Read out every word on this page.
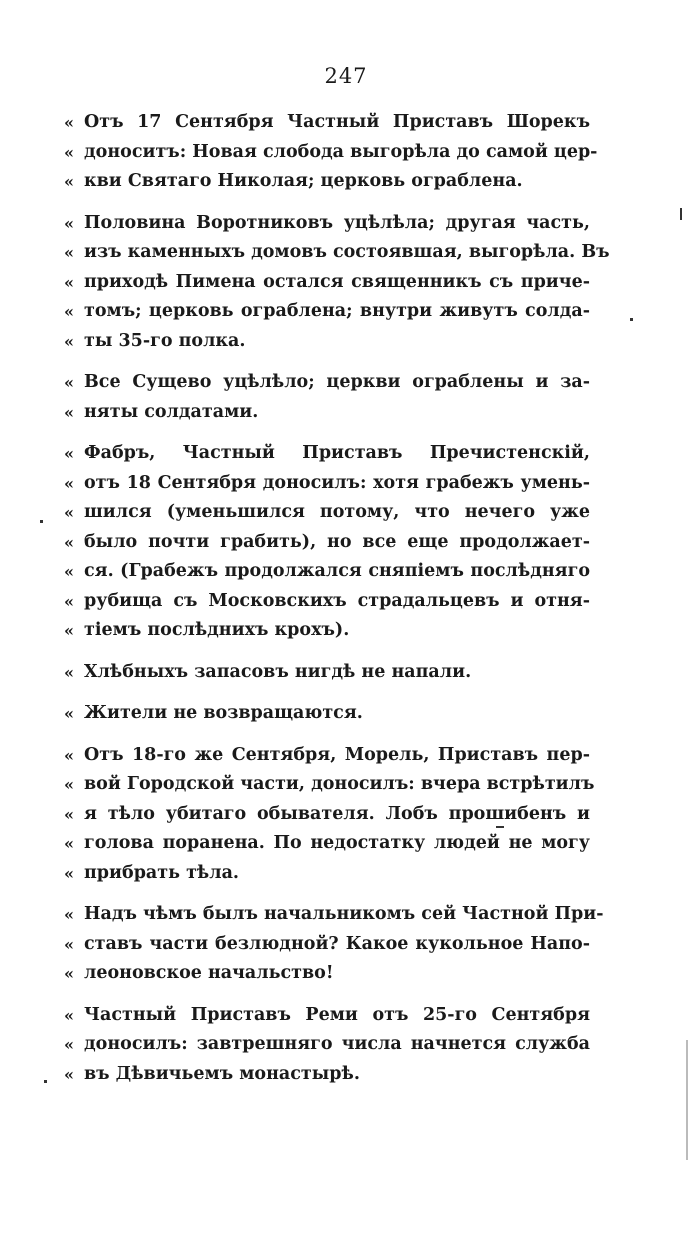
247
« Отъ 17 Сентября Частный Приставъ Шорекъ
« доноситъ: Новая слобода выгорѣла до самой цер-
« кви Святаго Николая; церковь ограблена.
« Половина Воротниковъ уцѣлѣла; другая часть,
« изъ каменныхъ домовъ состоявшая, выгорѣла. Въ
« приходѣ Пимена остался священникъ съ приче-
« томъ; церковь ограблена; внутри живутъ солда-
« ты 35-го полка.
« Все Сущево уцѣлѣло; церкви ограблены и за-
« няты солдатами.
« Фабръ, Частный Приставъ Пречистенскій,
« отъ 18 Сентября доносилъ: хотя грабежъ умень-
« шился (уменьшился потому, что нечего уже
« было почти грабить), но все еще продолжает-
« ся. (Грабежъ продолжался сняпіемъ послѣдняго
« рубища съ Московскихъ страдальцевъ и отня-
« тіемъ послѣднихъ крохъ).
« Хлѣбныхъ запасовъ нигдѣ не напали.
« Жители не возвращаются.
« Отъ 18-го же Сентября, Морель, Приставъ пер-
« вой Городской части, доносилъ: вчера встрѣтилъ
« я тѣло убитаго обывателя. Лобъ прошибенъ и
« голова поранена. По недостатку людей не могу
« прибрать тѣла.
« Надъ чѣмъ былъ начальникомъ сей Частной При-
« ставъ части безлюдной? Какое кукольное Напо-
« леоновское начальство!
« Частный Приставъ Реми отъ 25-го Сентября
« доносилъ: завтрешняго числа начнется служба
« въ Дѣвичьемъ монастырѣ.
